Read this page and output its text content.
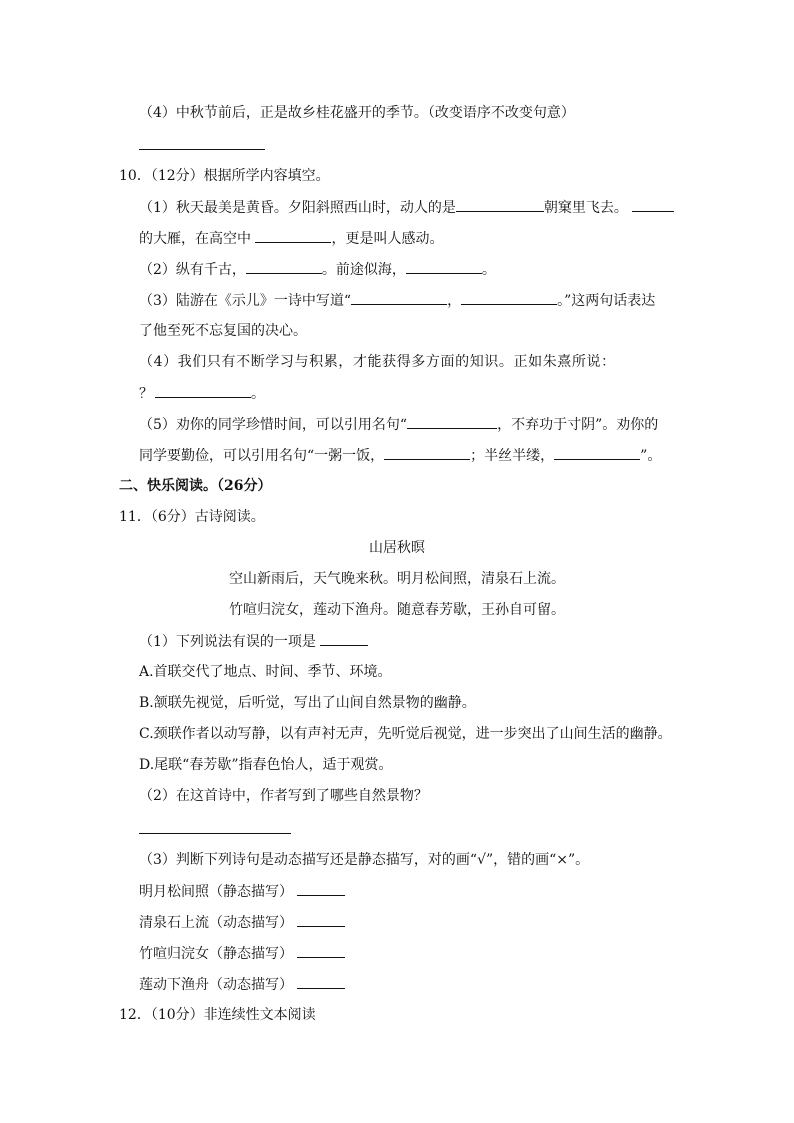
（4）中秋节前后，正是故乡桂花盛开的季节。（改变语序不改变句意）
10．（12分）根据所学内容填空。
（1）秋天最美是黄昏。夕阳斜照西山时，动人的是	朝窠里飞去。
的大雁，在高空中	，更是叫人感动。
（2）纵有千古，	。前途似海，	。
（3）陆游在《示儿》一诗中写道“	，	。”这两句话表达
了他至死不忘复国的决心。
（4）我们只有不断学习与积累，才能获得多方面的知识。正如朱熹所说：
？	。
（5）劝你的同学珍惜时间，可以引用名句“	，不弃功于寸阴”。劝你的
同学要勤俭，可以引用名句“一粥一饭，	；半丝半缕，	”。
二、快乐阅读。（26分）
11．（6分）古诗阅读。
山居秋暝
空山新雨后，天气晚来秋。明月松间照，清泉石上流。
竹喧归浣女，莲动下渔舟。随意春芳歇，王孙自可留。
（1）下列说法有误的一项是
A.首联交代了地点、时间、季节、环境。
B.颔联先视觉，后听觉，写出了山间自然景物的幽静。
C.颈联作者以动写静，以有声衬无声，先听觉后视觉，进一步突出了山间生活的幽静。
D.尾联“春芳歇”指春色怡人，适于观赏。
（2）在这首诗中，作者写到了哪些自然景物？
（3）判断下列诗句是动态描写还是静态描写，对的画“√”，错的画“×”。
明月松间照（静态描写）
清泉石上流（动态描写）
竹喧归浣女（静态描写）
莲动下渔舟（动态描写）
12．（10分）非连续性文本阅读
